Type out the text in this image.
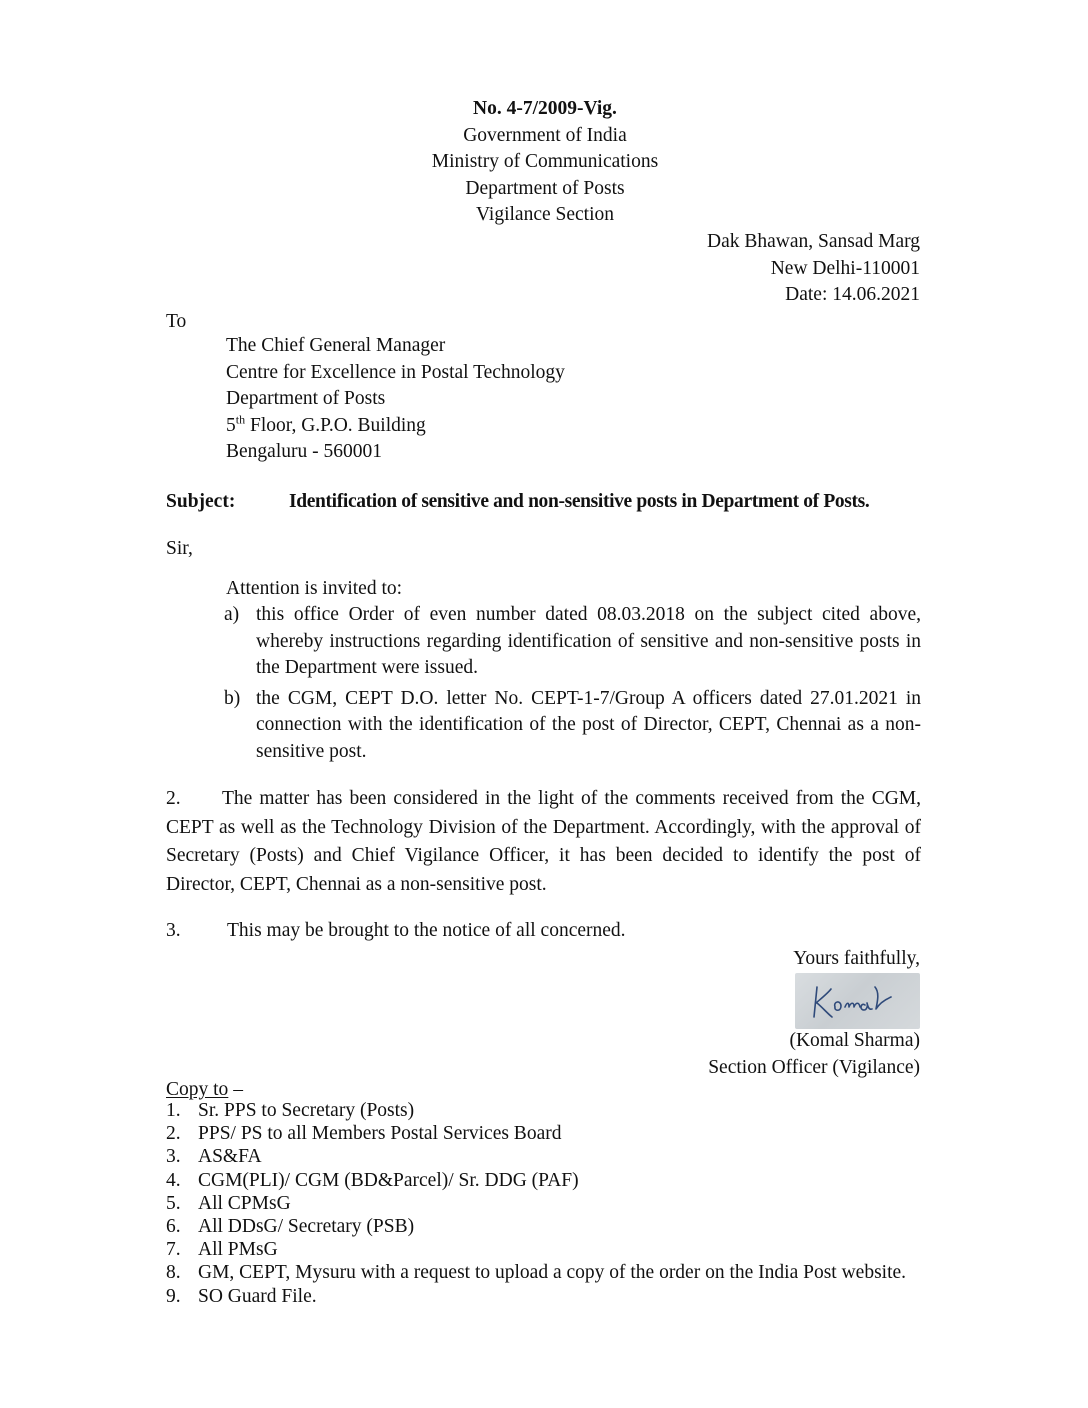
No. 4-7/2009-Vig.
Government of India
Ministry of Communications
Department of Posts
Vigilance Section
Dak Bhawan, Sansad Marg
New Delhi-110001
Date: 14.06.2021
To
The Chief General Manager
Centre for Excellence in Postal Technology
Department of Posts
5th Floor, G.P.O. Building
Bengaluru - 560001
Subject:	Identification of sensitive and non-sensitive posts in Department of Posts.
Sir,
Attention is invited to:
a) this office Order of even number dated 08.03.2018 on the subject cited above, whereby instructions regarding identification of sensitive and non-sensitive posts in the Department were issued.
b) the CGM, CEPT D.O. letter No. CEPT-1-7/Group A officers dated 27.01.2021 in connection with the identification of the post of Director, CEPT, Chennai as a non-sensitive post.
2. The matter has been considered in the light of the comments received from the CGM, CEPT as well as the Technology Division of the Department. Accordingly, with the approval of Secretary (Posts) and Chief Vigilance Officer, it has been decided to identify the post of Director, CEPT, Chennai as a non-sensitive post.
3. This may be brought to the notice of all concerned.
Yours faithfully,
(Komal Sharma)
Section Officer (Vigilance)
Copy to –
1. Sr. PPS to Secretary (Posts)
2. PPS/ PS to all Members Postal Services Board
3. AS&FA
4. CGM(PLI)/ CGM (BD&Parcel)/ Sr. DDG (PAF)
5. All CPMsG
6. All DDsG/ Secretary (PSB)
7. All PMsG
8. GM, CEPT, Mysuru with a request to upload a copy of the order on the India Post website.
9. SO Guard File.
